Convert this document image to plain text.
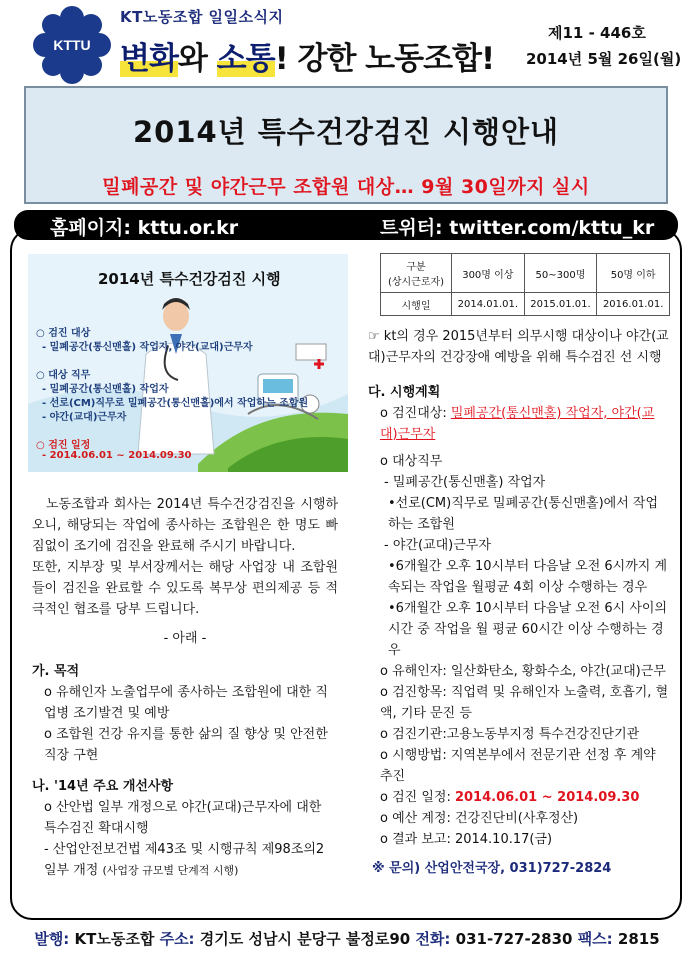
KTTU
KT노동조합 일일소식지
변화와 소통! 강한 노동조합!
제11 - 446호
2014년 5월 26일(월)
2014년 특수건강검진 시행안내
밀폐공간 및 야간근무 조합원 대상… 9월 30일까지 실시
홈페이지: kttu.or.kr	트위터: twitter.com/kttu_kr
2014년 특수건강검진 시행
○ 검진 대상
- 밀폐공간(통신맨홀) 작업자, 야간(교대)근무자
○ 대상 직무
- 밀폐공간(통신맨홀) 작업자
- 선로(CM)직무로 밀폐공간(통신맨홀)에서 작업하는 조합원
- 야간(교대)근무자
○ 검진 일정
- 2014.06.01 ~ 2014.09.30
구분
(상시근로자)	300명 이상	50~300명	50명 이하
시행일	2014.01.01.	2015.01.01.	2016.01.01.

노동조합과 회사는 2014년 특수건강검진을 시행하오니, 해당되는 작업에 종사하는 조합원은 한 명도 빠짐없이 조기에 검진을 완료해 주시기 바랍니다.

또한, 지부장 및 부서장께서는 해당 사업장 내 조합원들이 검진을 완료할 수 있도록 복무상 편의제공 등 적극적인 협조를 당부 드립니다.

- 아래 -

가. 목적

o 유해인자 노출업무에 종사하는 조합원에 대한 직업병 조기발견 및 예방

o 조합원 건강 유지를 통한 삶의 질 향상 및 안전한 직장 구현

나. '14년 주요 개선사항

o 산안법 일부 개정으로 야간(교대)근무자에 대한 특수검진 확대시행

- 산업안전보건법 제43조 및 시행규칙 제98조의2 일부 개정 (사업장 규모별 단계적 시행)

☞ kt의 경우 2015년부터 의무시행 대상이나 야간(교대)근무자의 건강장애 예방을 위해 특수검진 선 시행

다. 시행계획

o 검진대상: 밀폐공간(통신맨홀) 작업자, 야간(교대)근무자

o 대상직무

- 밀폐공간(통신맨홀) 작업자

•선로(CM)직무로 밀폐공간(통신맨홀)에서 작업하는 조합원

- 야간(교대)근무자

•6개월간 오후 10시부터 다음날 오전 6시까지 계속되는 작업을 월평균 4회 이상 수행하는 경우

•6개월간 오후 10시부터 다음날 오전 6시 사이의 시간 중 작업을 월 평균 60시간 이상 수행하는 경우

o 유해인자: 일산화탄소, 황화수소, 야간(교대)근무

o 검진항목: 직업력 및 유해인자 노출력, 호흡기, 혈액, 기타 문진 등

o 검진기관:고용노동부지정 특수건강진단기관

o 시행방법: 지역본부에서 전문기관 선정 후 계약 추진

o 검진 일정: 2014.06.01 ~ 2014.09.30

o 예산 계정: 건강진단비(사후정산)

o 결과 보고: 2014.10.17(금)

※ 문의) 산업안전국장, 031)727-2824

발행: KT노동조합 주소: 경기도 성남시 분당구 불정로90 전화: 031-727-2830 팩스: 2815
